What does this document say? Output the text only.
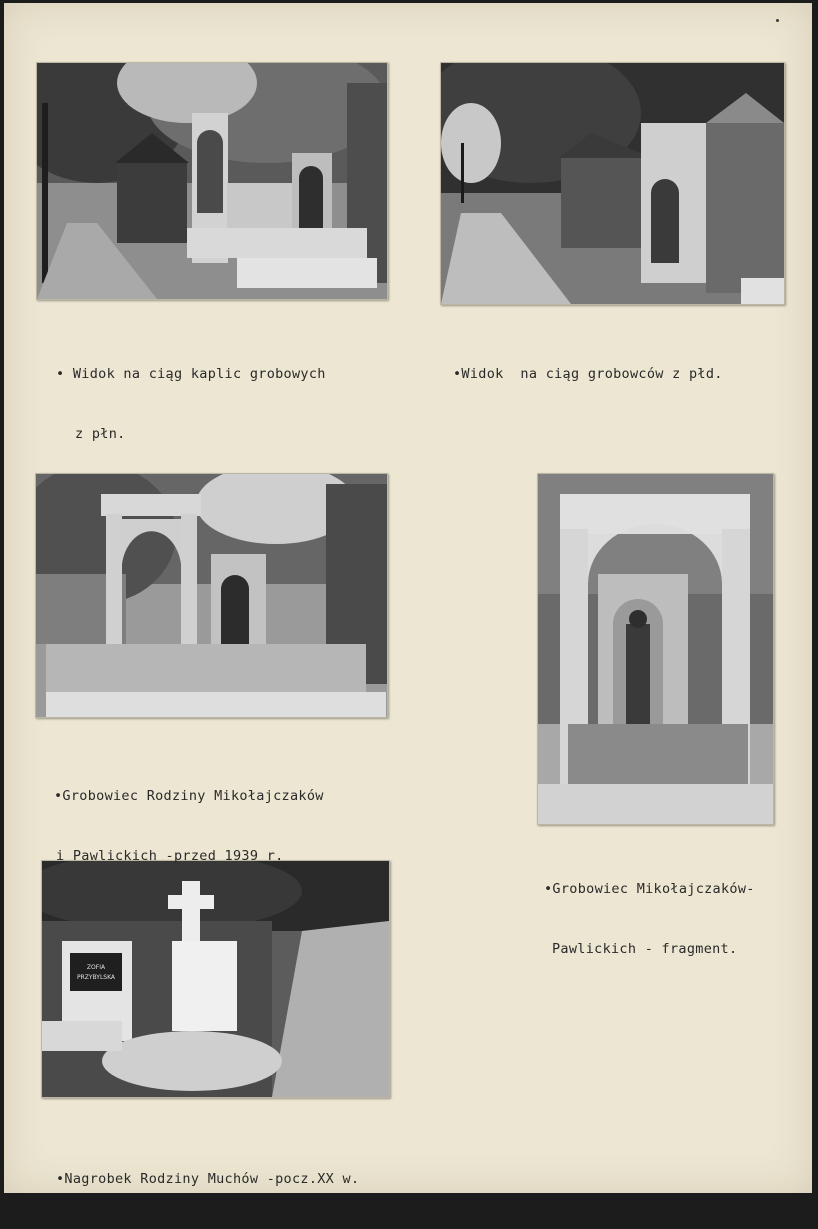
ZOFIA
PRZYBYLSKA

• Widok na ciąg kaplic grobowych

z płn.

•Widok  na ciąg grobowców z płd.

•Grobowiec Rodziny Mikołajczaków

i Pawlickich -przed 1939 r.

•Grobowiec Mikołajczaków-

Pawlickich - fragment.

•Nagrobek Rodziny Muchów -pocz.XX w.
